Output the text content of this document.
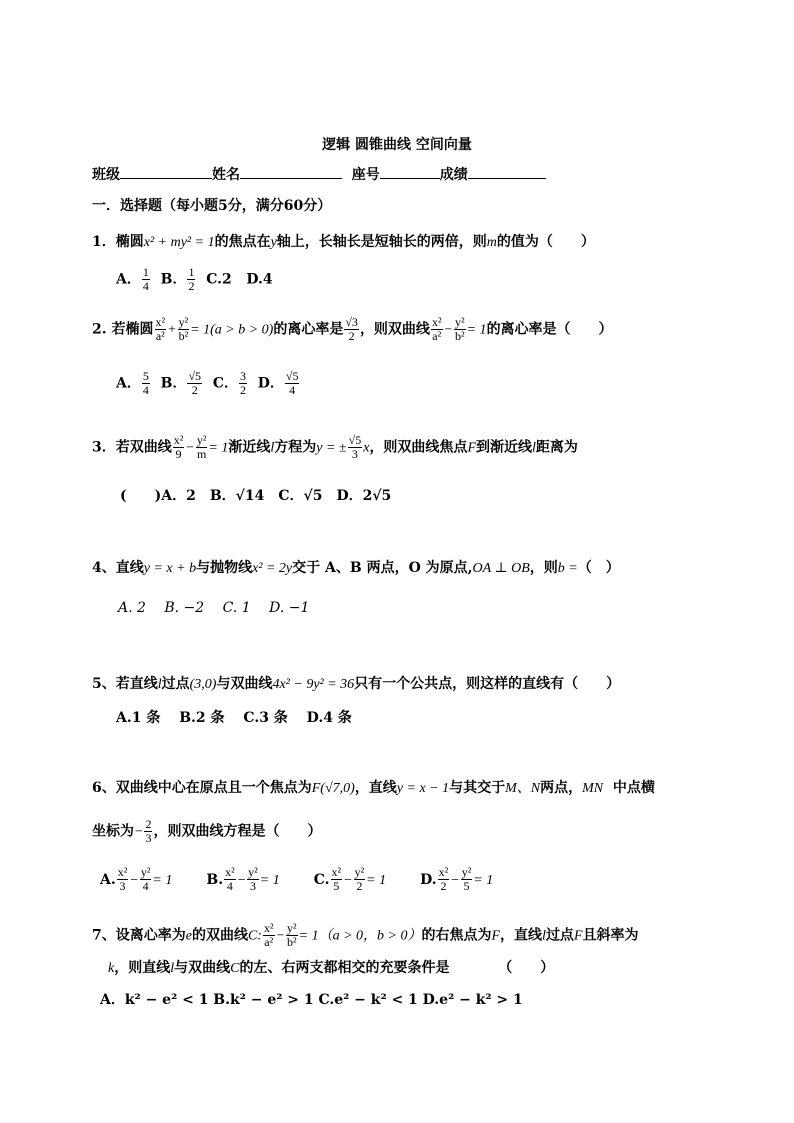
逻辑 圆锥曲线 空间向量
班级	姓名	座号	成绩
一．选择题（每小题5分，满分60分）
1．椭圆x² + my² = 1的焦点在y轴上，长轴长是短轴长的两倍，则m的值为（　　）
A． $\frac{1}{4}$ B． $\frac{1}{2} C.2$ D.4
2. 若椭圆 $\frac{\text{x²}}{\text{a²}} + \frac{\text{y²}}{\text{b²}} = 1(a > b > 0)$的离心率是 $\frac{√3}{2}$ ，则双曲线 $\frac{\text{x²}}{\text{a²}} - \frac{\text{y²}}{\text{b²}} = 1$的离心率是（　　）
A． $\frac{5}{4}$ B． $\frac{√5}{2}$ C． $\frac{3}{2}$ D． $\frac{√5}{4}$
3．若双曲线 $\frac{\text{x²}}{9} - \frac{\text{y²}}{m} = 1$渐近线l方程为y = ± $\frac{√5}{3}$ x，则双曲线焦点F到渐近线l距离为
(　　)A．2　B．√14　C．√5　D．2√5
4、直线y = x + b与抛物线x² = 2y交于 A、B 两点，O 为原点,OA ⊥ OB，则b =（　）
A. 2　 B. −2　 C. 1　 D. −1
5、若直线l过点(3,0)与双曲线4x² − 9y² = 36只有一个公共点，则这样的直线有（　　）
A.1 条　 B.2 条　 C.3 条　 D.4 条
6、双曲线中心在原点且一个焦点为F(√7,0)，直线y = x − 1与其交于M、N两点，MN 中点横
坐标为− $\frac{2}{3}$ ，则双曲线方程是（　　）
A. $\frac{\text{x²}}{3} - \frac{\text{y²}}{4} = 1$ B. $\frac{\text{x²}}{4} - \frac{\text{y²}}{3} = 1$ C. $\frac{\text{x²}}{5} - \frac{\text{y²}}{2} = 1$ D. $\frac{\text{x²}}{2} - \frac{\text{y²}}{5} = 1$
7、设离心率为e的双曲线C: $\frac{\text{x²}}{\text{a²}} - \frac{\text{y²}}{\text{b²}} = 1(a > 0$，b > 0）的右焦点为F，直线l过点F且斜率为
k，则直线l与双曲线C的左、右两支都相交的充要条件是	（　　）
A．k² − e² < 1 B.k² − e² > 1 C.e² − k² < 1 D.e² − k² > 1
